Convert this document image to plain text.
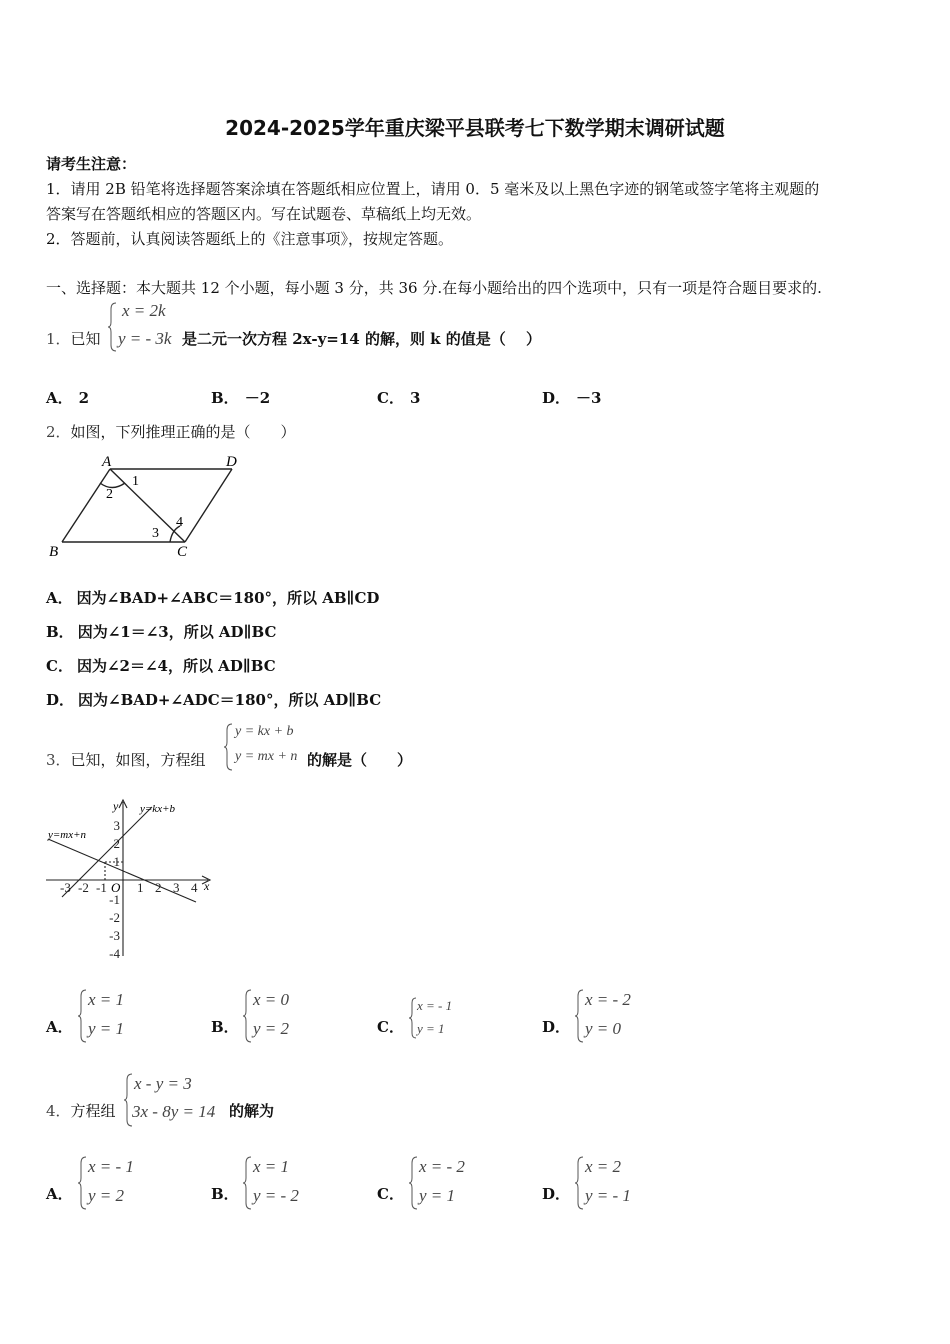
2024-2025学年重庆梁平县联考七下数学期末调研试题
请考生注意：
1．请用 2B 铅笔将选择题答案涂填在答题纸相应位置上，请用 0．5 毫米及以上黑色字迹的钢笔或签字笔将主观题的
答案写在答题纸相应的答题区内。写在试题卷、草稿纸上均无效。
2．答题前，认真阅读答题纸上的《注意事项》，按规定答题。
一、选择题：本大题共 12 个小题，每小题 3 分，共 36 分.在每小题给出的四个选项中，只有一项是符合题目要求的.
1．已知
x = 2k
y = - 3k 是二元一次方程 2x-y=14 的解，则 k 的值是（　 ）
A． 2	B． －2	C． 3	D． －3
2．如图，下列推理正确的是（　　）
A	D
B	C
1
2
3
4
A． 因为∠BAD+∠ABC＝180°，所以 AB∥CD
B． 因为∠1＝∠3，所以 AD∥BC
C． 因为∠2＝∠4，所以 AD∥BC
D． 因为∠BAD+∠ADC＝180°，所以 AD∥BC
3．已知，如图，方程组
y = kx + b
y = mx + n 的解是（　　）
y=kx+b
y=mx+n
y
x
O
-3 -2 -1 1 2 3 4
3
2
1
-1
-2
-3
-4
A．
x = 1
y = 1	B．
x = 0
y = 2	C．
x = - 1
y = 1	D．
x = - 2
y = 0
4．方程组
x - y = 3
3x - 8y = 14 的解为
A．
x = - 1
y = 2	B．
x = 1
y = - 2	C．
x = - 2
y = 1	D．
x = 2
y = - 1
